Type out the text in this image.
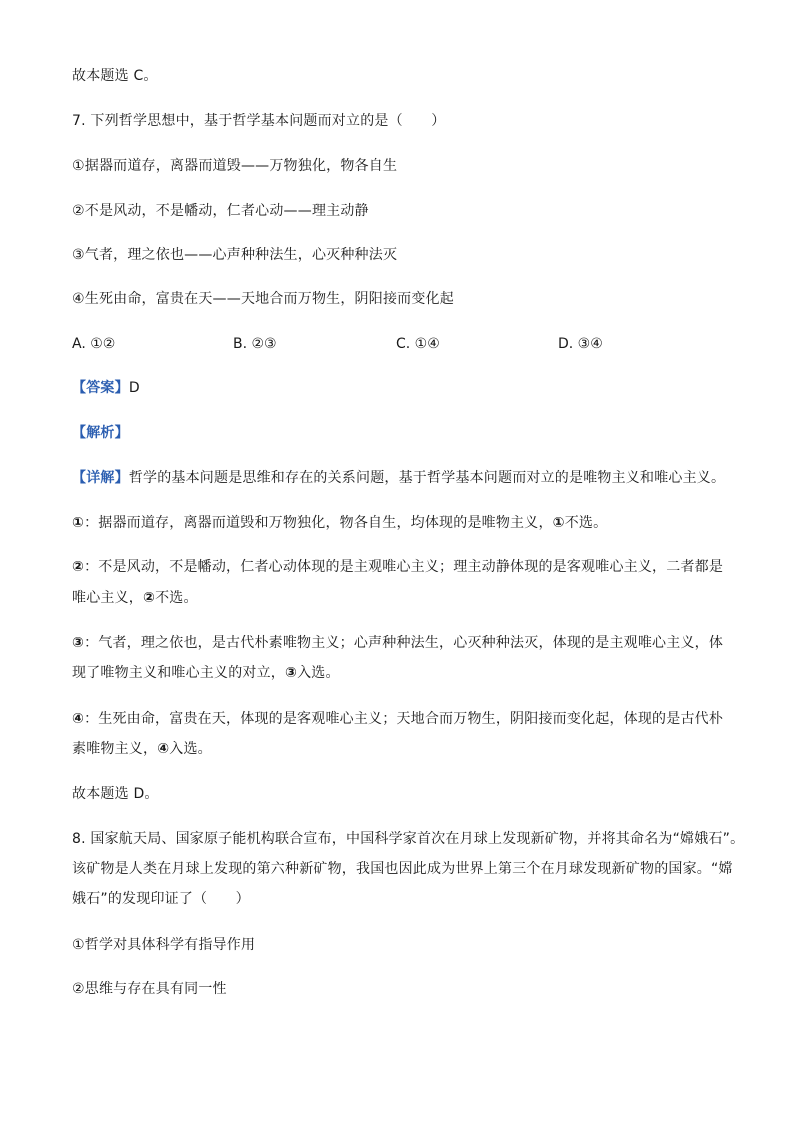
故本题选 C。
7. 下列哲学思想中，基于哲学基本问题而对立的是（　　）
①据器而道存，离器而道毁——万物独化，物各自生
②不是风动，不是幡动，仁者心动——理主动静
③气者，理之依也——心声种种法生，心灭种种法灭
④生死由命，富贵在天——天地合而万物生，阴阳接而变化起
A. ①②	B. ②③	C. ①④	D. ③④
【答案】D
【解析】
【详解】哲学的基本问题是思维和存在的关系问题，基于哲学基本问题而对立的是唯物主义和唯心主义。
①：据器而道存，离器而道毁和万物独化，物各自生，均体现的是唯物主义，①不选。
②：不是风动，不是幡动，仁者心动体现的是主观唯心主义；理主动静体现的是客观唯心主义，二者都是
唯心主义，②不选。
③：气者，理之依也，是古代朴素唯物主义；心声种种法生，心灭种种法灭，体现的是主观唯心主义，体
现了唯物主义和唯心主义的对立，③入选。
④：生死由命，富贵在天，体现的是客观唯心主义；天地合而万物生，阴阳接而变化起，体现的是古代朴
素唯物主义，④入选。
故本题选 D。
8. 国家航天局、国家原子能机构联合宣布，中国科学家首次在月球上发现新矿物，并将其命名为“嫦娥石”。
该矿物是人类在月球上发现的第六种新矿物，我国也因此成为世界上第三个在月球发现新矿物的国家。“嫦
娥石”的发现印证了（　　）
①哲学对具体科学有指导作用
②思维与存在具有同一性
